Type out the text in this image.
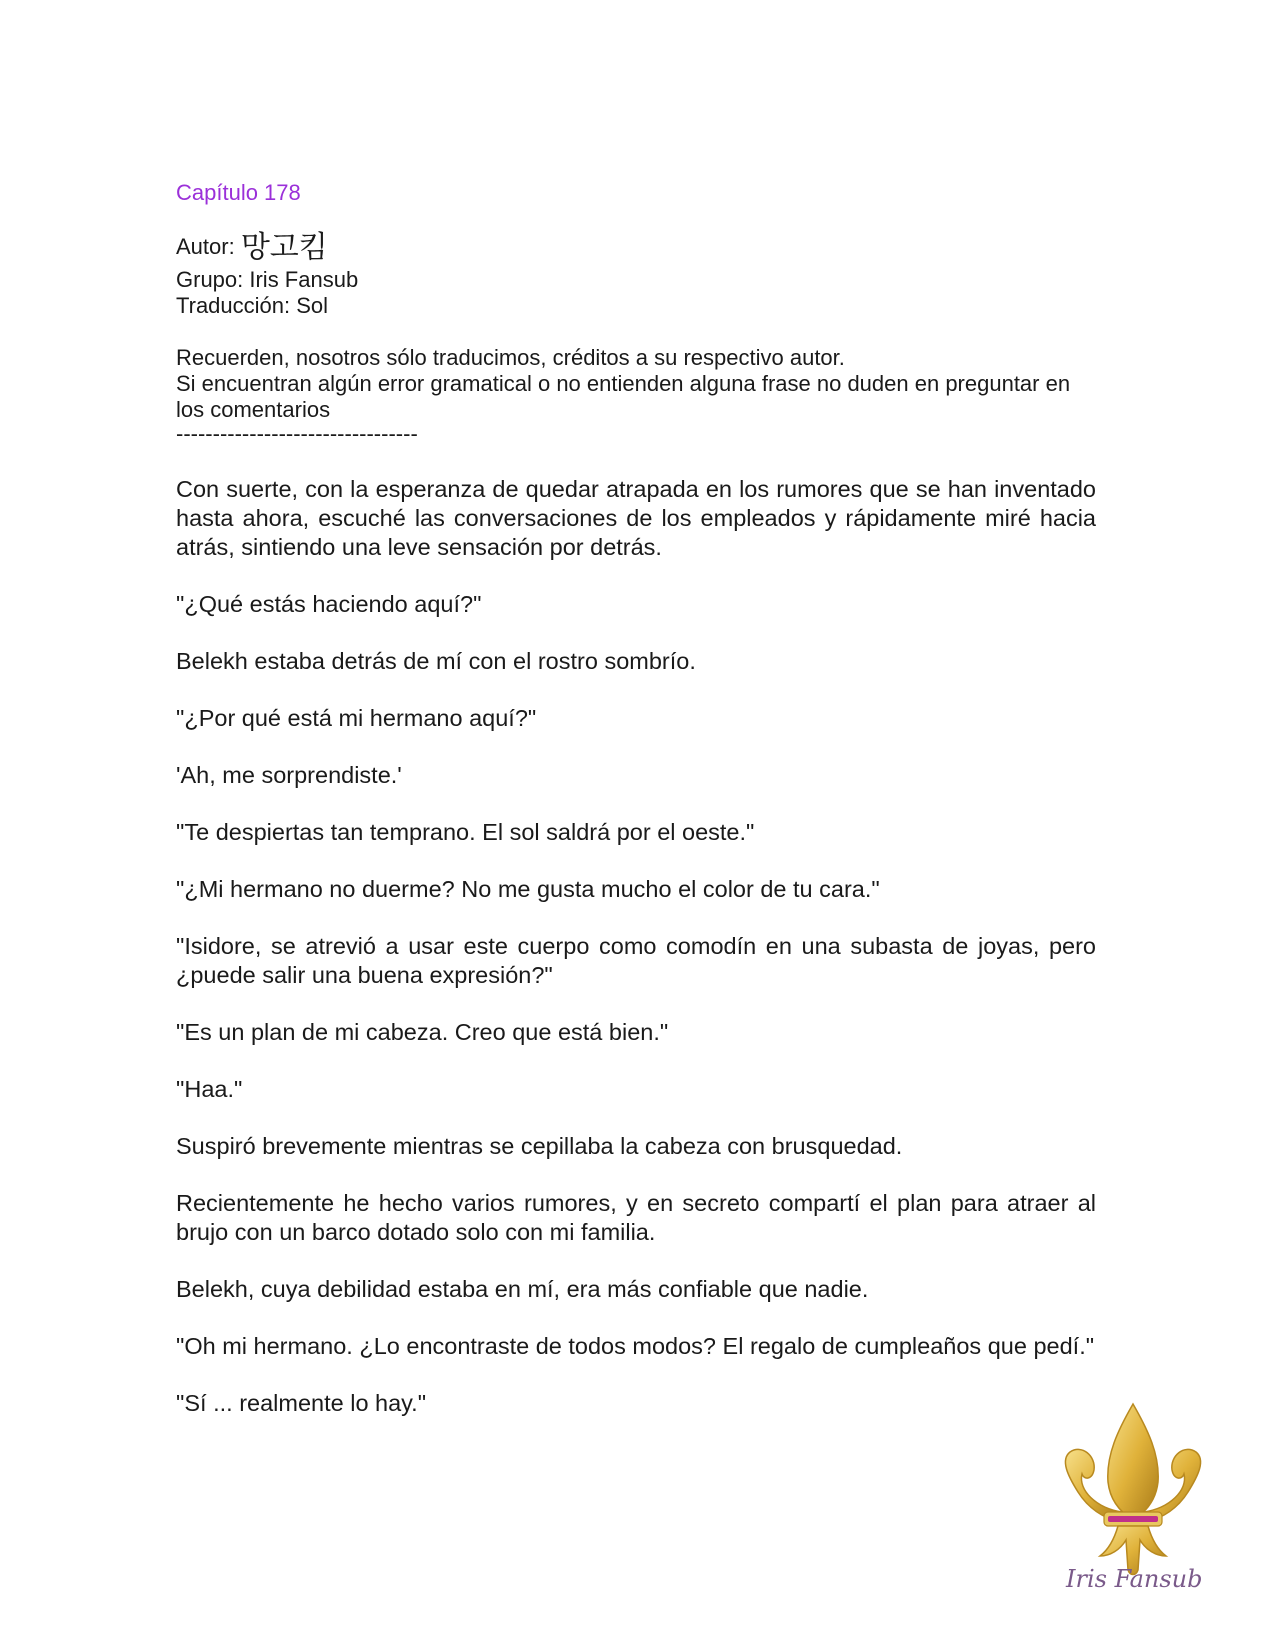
Capítulo 178

Autor: 망고킴

Grupo: Iris Fansub

Traducción: Sol

Recuerden, nosotros sólo traducimos, créditos a su respectivo autor.

Si encuentran algún error gramatical o no entienden alguna frase no duden en preguntar en los comentarios

---------------------------------

Con suerte, con la esperanza de quedar atrapada en los rumores que se han inventado hasta ahora, escuché las conversaciones de los empleados y rápidamente miré hacia atrás, sintiendo una leve sensación por detrás.

"¿Qué estás haciendo aquí?"

Belekh estaba detrás de mí con el rostro sombrío.

"¿Por qué está mi hermano aquí?"

'Ah, me sorprendiste.'

"Te despiertas tan temprano. El sol saldrá por el oeste."

"¿Mi hermano no duerme? No me gusta mucho el color de tu cara."

"Isidore, se atrevió a usar este cuerpo como comodín en una subasta de joyas, pero ¿puede salir una buena expresión?"

"Es un plan de mi cabeza. Creo que está bien."

"Haa."

Suspiró brevemente mientras se cepillaba la cabeza con brusquedad.

Recientemente he hecho varios rumores, y en secreto compartí el plan para atraer al brujo con un barco dotado solo con mi familia.

Belekh, cuya debilidad estaba en mí, era más confiable que nadie.

"Oh mi hermano. ¿Lo encontraste de todos modos? El regalo de cumpleaños que pedí."

"Sí ... realmente lo hay."

Iris Fansub
